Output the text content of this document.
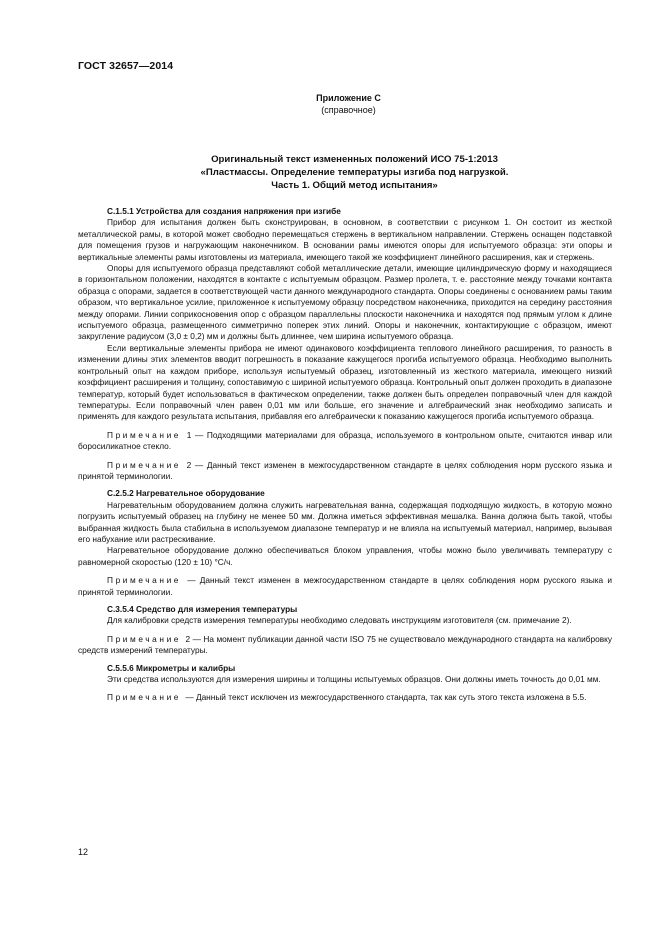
ГОСТ 32657—2014
Приложение С
(справочное)
Оригинальный текст измененных положений ИСО 75-1:2013
«Пластмассы. Определение температуры изгиба под нагрузкой.
Часть 1. Общий метод испытания»

С.1.5.1 Устройства для создания напряжения при изгибе

Прибор для испытания должен быть сконструирован, в основном, в соответствии с рисунком 1. Он состоит из жесткой металлической рамы, в которой может свободно перемещаться стержень в вертикальном направлении. Стержень оснащен подставкой для помещения грузов и нагружающим наконечником. В основании рамы имеются опоры для испытуемого образца: эти опоры и вертикальные элементы рамы изготовлены из материала, имеющего такой же коэффициент линейного расширения, как и стержень.

Опоры для испытуемого образца представляют собой металлические детали, имеющие цилиндрическую форму и находящиеся в горизонтальном положении, находятся в контакте с испытуемым образцом. Размер пролета, т. е. расстояние между точками контакта образца с опорами, задается в соответствующей части данного международного стандарта. Опоры соединены с основанием рамы таким образом, что вертикальное усилие, приложенное к испытуемому образцу посредством наконечника, приходится на середину расстояния между опорами. Линии соприкосновения опор с образцом параллельны плоскости наконечника и находятся под прямым углом к длине испытуемого образца, размещенного симметрично поперек этих линий. Опоры и наконечник, контактирующие с образцом, имеют закругление радиусом (3,0 ± 0,2) мм и должны быть длиннее, чем ширина испытуемого образца.

Если вертикальные элементы прибора не имеют одинакового коэффициента теплового линейного расширения, то разность в изменении длины этих элементов вводит погрешность в показание кажущегося прогиба испытуемого образца. Необходимо выполнить контрольный опыт на каждом приборе, используя испытуемый образец, изготовленный из жесткого материала, имеющего низкий коэффициент расширения и толщину, сопоставимую с шириной испытуемого образца. Контрольный опыт должен проходить в диапазоне температур, который будет использоваться в фактическом определении, также должен быть определен поправочный член для каждой температуры. Если поправочный член равен 0,01 мм или больше, его значение и алгебраический знак необходимо записать и применять для каждого результата испытания, прибавляя его алгебраически к показанию кажущегося прогиба испытуемого образца.

Примечание 1 — Подходящими материалами для образца, используемого в контрольном опыте, считаются инвар или боросиликатное стекло.

Примечание 2 — Данный текст изменен в межгосударственном стандарте в целях соблюдения норм русского языка и принятой терминологии.

С.2.5.2 Нагревательное оборудование

Нагревательным оборудованием должна служить нагревательная ванна, содержащая подходящую жидкость, в которую можно погрузить испытуемый образец на глубину не менее 50 мм. Должна иметься эффективная мешалка. Ванна должна быть такой, чтобы выбранная жидкость была стабильна в используемом диапазоне температур и не влияла на испытуемый материал, например, вызывая его набухание или растрескивание.

Нагревательное оборудование должно обеспечиваться блоком управления, чтобы можно было увеличивать температуру с равномерной скоростью (120 ± 10) °С/ч.

Примечание — Данный текст изменен в межгосударственном стандарте в целях соблюдения норм русского языка и принятой терминологии.

С.3.5.4 Средство для измерения температуры

Для калибровки средств измерения температуры необходимо следовать инструкциям изготовителя (см. примечание 2).

Примечание 2 — На момент публикации данной части ISO 75 не существовало международного стандарта на калибровку средств измерений температуры.

С.5.5.6 Микрометры и калибры

Эти средства используются для измерения ширины и толщины испытуемых образцов. Они должны иметь точность до 0,01 мм.

Примечание — Данный текст исключен из межгосударственного стандарта, так как суть этого текста изложена в 5.5.

12
